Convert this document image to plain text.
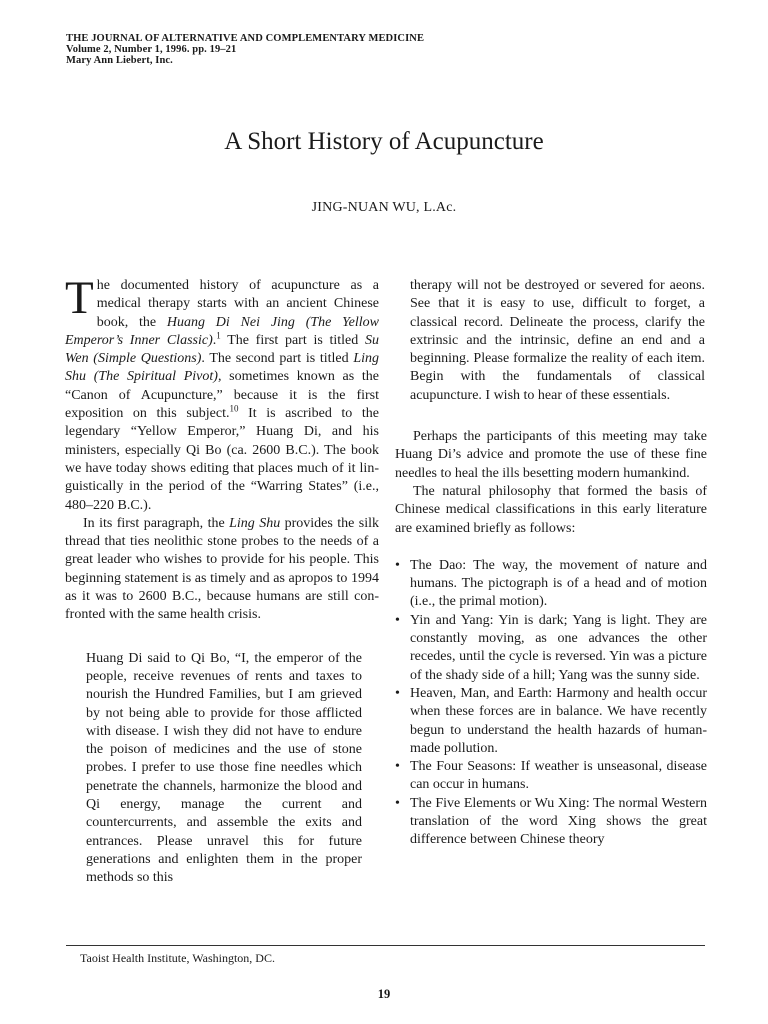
THE JOURNAL OF ALTERNATIVE AND COMPLEMENTARY MEDICINE
Volume 2, Number 1, 1996. pp. 19–21
Mary Ann Liebert, Inc.
A Short History of Acupuncture
JING-NUAN WU, L.Ac.

The documented history of acupuncture as a medical therapy starts with an ancient Chinese book, the Huang Di Nei Jing (The Yellow Emperor’s Inner Classic).$^1$ The first part is titled Su Wen (Simple Questions). The second part is titled Ling Shu (The Spiritual Pivot), sometimes known as the “Canon of Acupuncture,” because it is the first exposition on this subject.$^{10}$ It is ascribed to the legendary “Yellow Emperor,” Huang Di, and his ministers, especially Qi Bo (ca. 2600 B.C.). The book we have today shows editing that places much of it linguistically in the period of the “Warring States” (i.e., 480–220 B.C.).

In its first paragraph, the Ling Shu provides the silk thread that ties neolithic stone probes to the needs of a great leader who wishes to provide for his people. This beginning statement is as timely and as apropos to 1994 as it was to 2600 B.C., because humans are still confronted with the same health crisis.

Huang Di said to Qi Bo, “I, the emperor of the people, receive revenues of rents and taxes to nourish the Hundred Families, but I am grieved by not being able to provide for those afflicted with disease. I wish they did not have to endure the poison of medicines and the use of stone probes. I prefer to use those fine needles which penetrate the channels, harmonize the blood and Qi energy, manage the current and countercurrents, and assemble the exits and entrances. Please unravel this for future generations and enlighten them in the proper methods so this

therapy will not be destroyed or severed for aeons. See that it is easy to use, difficult to forget, a classical record. Delineate the process, clarify the extrinsic and the intrinsic, define an end and a beginning. Please formalize the reality of each item. Begin with the fundamentals of classical acupuncture. I wish to hear of these essentials.

Perhaps the participants of this meeting may take Huang Di’s advice and promote the use of these fine needles to heal the ills besetting modern humankind.

The natural philosophy that formed the basis of Chinese medical classifications in this early literature are examined briefly as follows:

• The Dao: The way, the movement of nature and humans. The pictograph is of a head and of motion (i.e., the primal motion).
• Yin and Yang: Yin is dark; Yang is light. They are constantly moving, as one advances the other recedes, until the cycle is reversed. Yin was a picture of the shady side of a hill; Yang was the sunny side.
• Heaven, Man, and Earth: Harmony and health occur when these forces are in balance. We have recently begun to understand the health hazards of human-made pollution.
• The Four Seasons: If weather is unseasonal, disease can occur in humans.
• The Five Elements or Wu Xing: The normal Western translation of the word Xing shows the great difference between Chinese theory
Taoist Health Institute, Washington, DC.
19
